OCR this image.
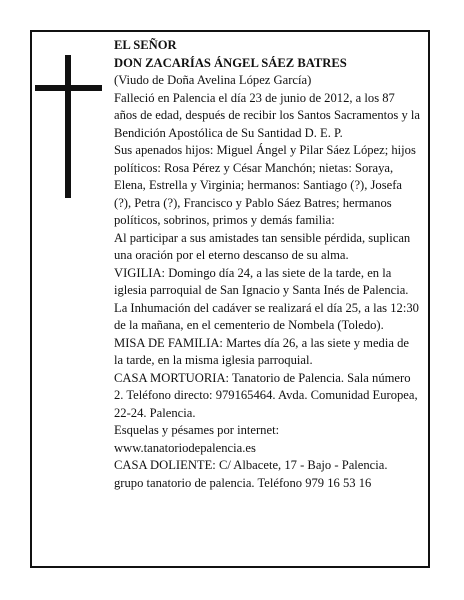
EL SEÑOR

DON ZACARÍAS ÁNGEL SÁEZ BATRES

(Viudo de Doña Avelina López García)

Falleció en Palencia el día 23 de junio de 2012, a los 87 años de edad, después de recibir los Santos Sacramentos y la Bendición Apostólica de Su Santidad D. E. P.

Sus apenados hijos: Miguel Ángel y Pilar Sáez López; hijos políticos: Rosa Pérez y César Manchón; nietas: Soraya, Elena, Estrella y Virginia; hermanos: Santiago (?), Josefa (?), Petra (?), Francisco y Pablo Sáez Batres; hermanos políticos, sobrinos, primos y demás familia:

Al participar a sus amistades tan sensible pérdida, suplican una oración por el eterno descanso de su alma.

VIGILIA: Domingo día 24, a las siete de la tarde, en la iglesia parroquial de San Ignacio y Santa Inés de Palencia. La Inhumación del cadáver se realizará el día 25, a las 12:30 de la mañana, en el cementerio de Nombela (Toledo).

MISA DE FAMILIA: Martes día 26, a las siete y media de la tarde, en la misma iglesia parroquial.

CASA MORTUORIA: Tanatorio de Palencia. Sala número 2. Teléfono directo: 979165464. Avda. Comunidad Europea, 22-24. Palencia.

Esquelas y pésames por internet: www.tanatoriodepalencia.es

CASA DOLIENTE: C/ Albacete, 17 - Bajo - Palencia. grupo tanatorio de palencia. Teléfono 979 16 53 16
